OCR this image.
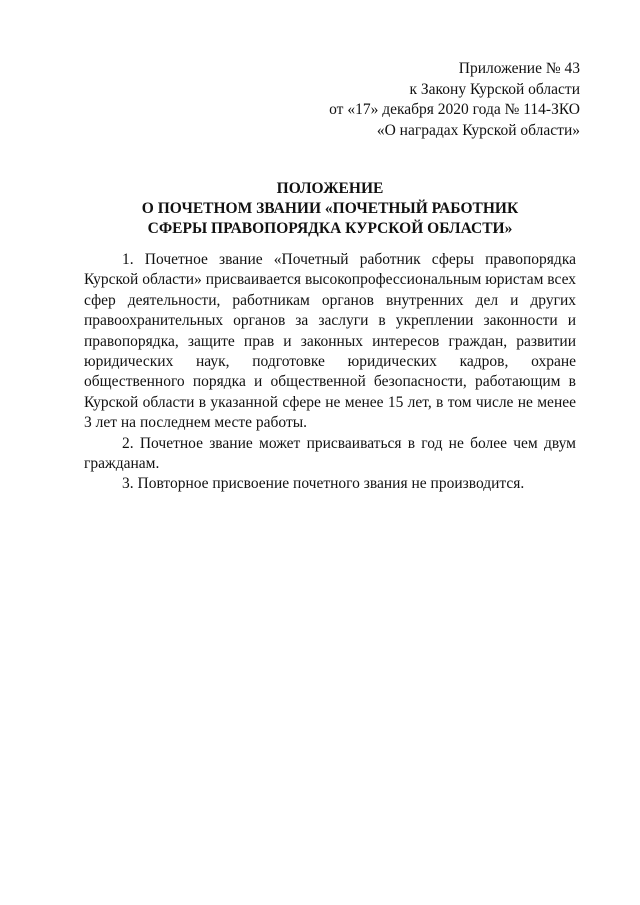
Приложение № 43
к Закону Курской области
от «17» декабря 2020 года № 114-ЗКО
«О наградах Курской области»
ПОЛОЖЕНИЕ
О ПОЧЕТНОМ ЗВАНИИ «ПОЧЕТНЫЙ РАБОТНИК
СФЕРЫ ПРАВОПОРЯДКА КУРСКОЙ ОБЛАСТИ»

1. Почетное звание «Почетный работник сферы правопорядка Курской области» присваивается высокопрофессиональным юристам всех сфер деятельности, работникам органов внутренних дел и других правоохранительных органов за заслуги в укреплении законности и правопорядка, защите прав и законных интересов граждан, развитии юридических наук, подготовке юридических кадров, охране общественного порядка и общественной безопасности, работающим в Курской области в указанной сфере не менее 15 лет, в том числе не менее 3 лет на последнем месте работы.

2. Почетное звание может присваиваться в год не более чем двум гражданам.

3. Повторное присвоение почетного звания не производится.
